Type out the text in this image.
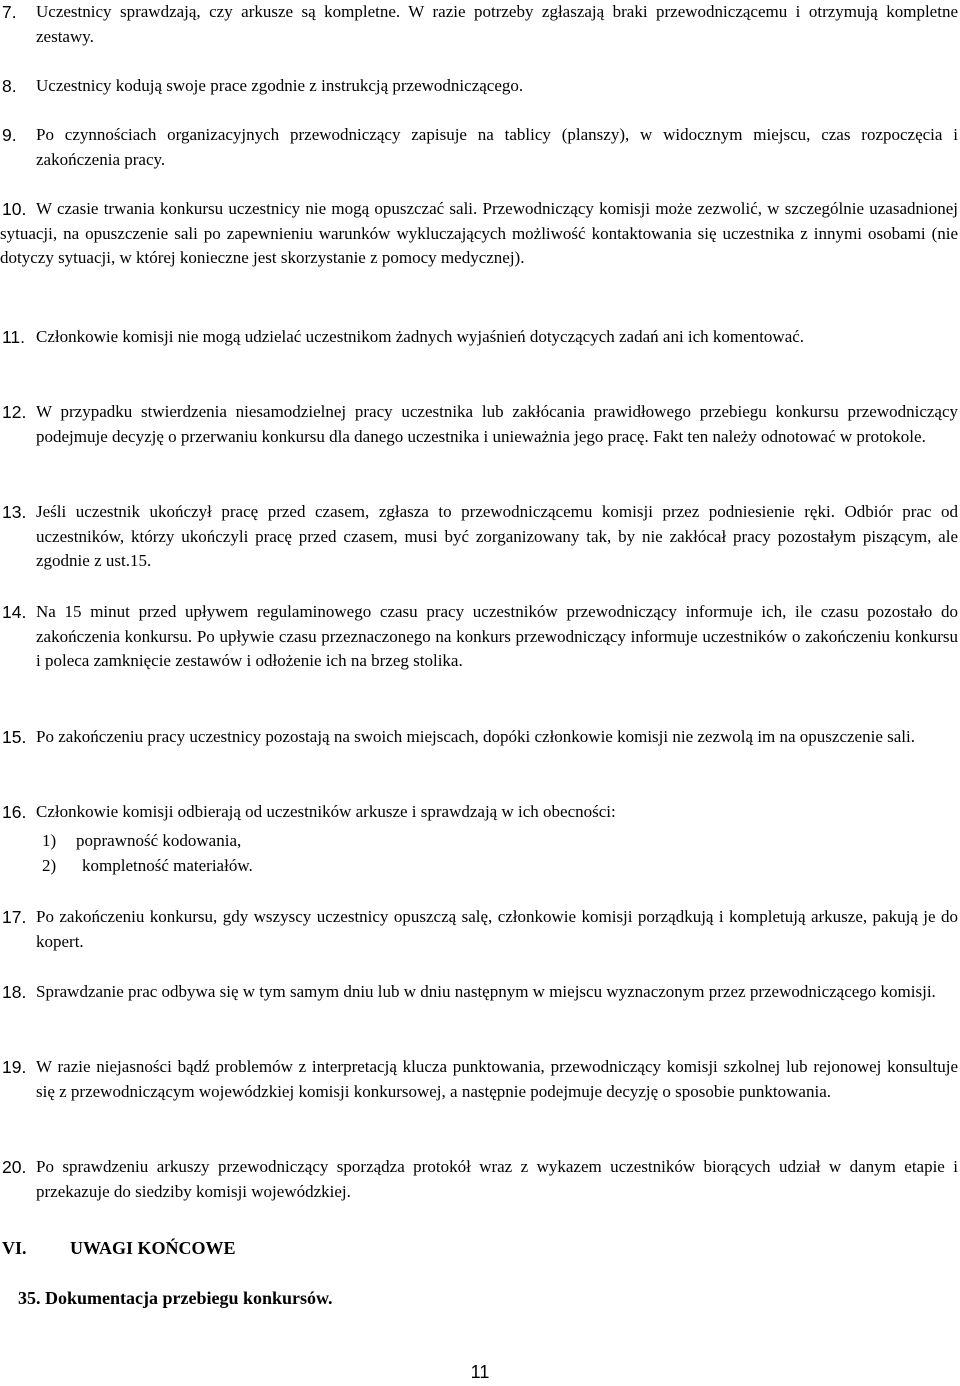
7. Uczestnicy sprawdzają, czy arkusze są kompletne. W razie potrzeby zgłaszają braki przewodniczącemu i otrzymują kompletne zestawy.
8. Uczestnicy kodują swoje prace zgodnie z instrukcją przewodniczącego.
9. Po czynnościach organizacyjnych przewodniczący zapisuje na tablicy (planszy), w widocznym miejscu, czas rozpoczęcia i zakończenia pracy.
10. W czasie trwania konkursu uczestnicy nie mogą opuszczać sali. Przewodniczący komisji może zezwolić, w szczególnie uzasadnionej sytuacji, na opuszczenie sali po zapewnieniu warunków wykluczających możliwość kontaktowania się uczestnika z innymi osobami (nie dotyczy sytuacji, w której konieczne jest skorzystanie z pomocy medycznej).
11. Członkowie komisji nie mogą udzielać uczestnikom żadnych wyjaśnień dotyczących zadań ani ich komentować.
12. W przypadku stwierdzenia niesamodzielnej pracy uczestnika lub zakłócania prawidłowego przebiegu konkursu przewodniczący podejmuje decyzję o przerwaniu konkursu dla danego uczestnika i unieważnia jego pracę. Fakt ten należy odnotować w protokole.
13. Jeśli uczestnik ukończył pracę przed czasem, zgłasza to przewodniczącemu komisji przez podniesienie ręki. Odbiór prac od uczestników, którzy ukończyli pracę przed czasem, musi być zorganizowany tak, by nie zakłócał pracy pozostałym piszącym, ale zgodnie z ust.15.
14. Na 15 minut przed upływem regulaminowego czasu pracy uczestników przewodniczący informuje ich, ile czasu pozostało do zakończenia konkursu. Po upływie czasu przeznaczonego na konkurs przewodniczący informuje uczestników o zakończeniu konkursu i poleca zamknięcie zestawów i odłożenie ich na brzeg stolika.
15. Po zakończeniu pracy uczestnicy pozostają na swoich miejscach, dopóki członkowie komisji nie zezwolą im na opuszczenie sali.
16. Członkowie komisji odbierają od uczestników arkusze i sprawdzają w ich obecności:
1) poprawność kodowania,
2) kompletność materiałów.
17. Po zakończeniu konkursu, gdy wszyscy uczestnicy opuszczą salę, członkowie komisji porządkują i kompletują arkusze, pakują je do kopert.
18. Sprawdzanie prac odbywa się w tym samym dniu lub w dniu następnym w miejscu wyznaczonym przez przewodniczącego komisji.
19. W razie niejasności bądź problemów z interpretacją klucza punktowania, przewodniczący komisji szkolnej lub rejonowej konsultuje się z przewodniczącym wojewódzkiej komisji konkursowej, a następnie podejmuje decyzję o sposobie punktowania.
20. Po sprawdzeniu arkuszy przewodniczący sporządza protokół wraz z wykazem uczestników biorących udział w danym etapie i przekazuje do siedziby komisji wojewódzkiej.
VI. UWAGI KOŃCOWE
35. Dokumentacja przebiegu konkursów.
11
